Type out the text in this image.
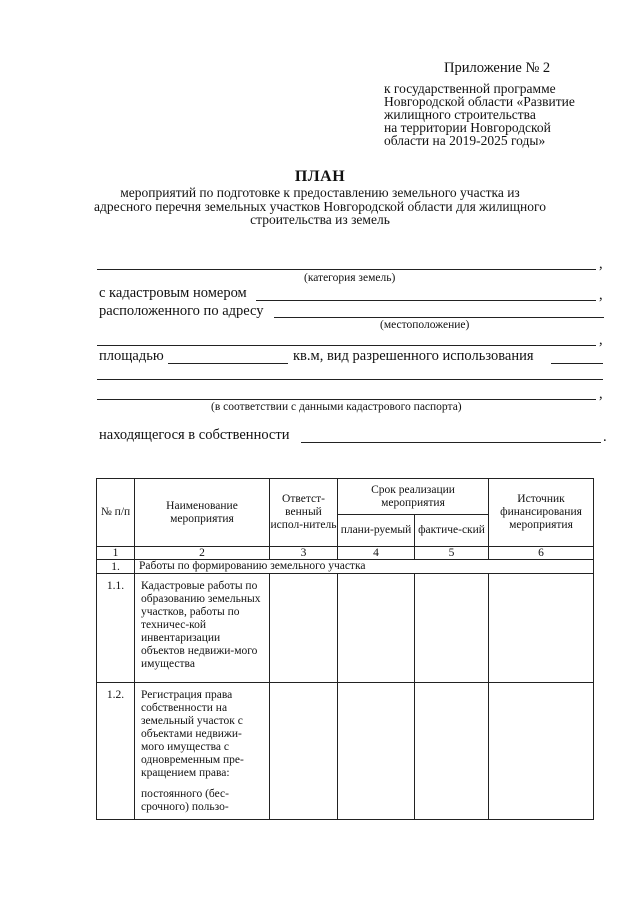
Приложение № 2
к государственной программе
Новгородской области «Развитие
жилищного строительства
на территории Новгородской
области на 2019-2025 годы»
ПЛАН
мероприятий по подготовке к предоставлению земельного участка из
адресного перечня земельных участков Новгородской области для жилищного
строительства из земель
,
(категория земель)
с кадастровым номером	,
расположенного по адресу
(местоположение)
,
площадью	кв.м, вид разрешенного использования
,
(в соответствии с данными кадастрового паспорта)
находящегося в собственности	.
№ п/п	Наименование мероприятия	Ответст-венный испол-нитель	Срок реализации мероприятия		Источник финансирования мероприятия
			плани-руемый	фактиче-ский	
1	2	3	4	5	6
1.	Работы по формированию земельного участка				
1.1.	Кадастровые работы по образованию земельных участков, работы по техничес-кой инвентаризации объектов недвижи-мого имущества				

1.2.	Регистрация права собственности на земельный участок с объектами недвижи-мого имущества с одновременным пре-кращением права:

постоянного (бес-срочного) пользо-				
